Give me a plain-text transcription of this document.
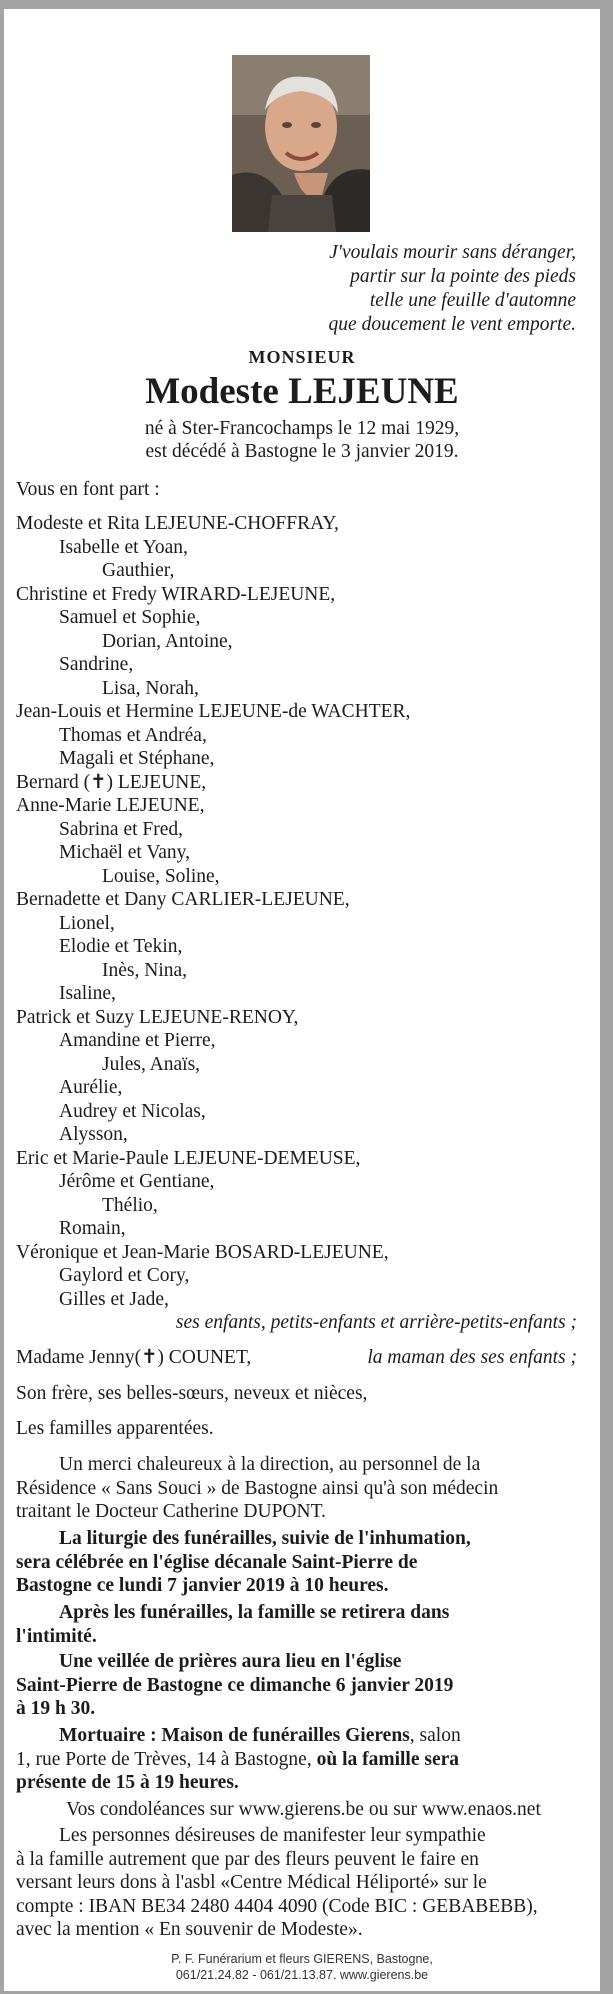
J'voulais mourir sans déranger,
partir sur la pointe des pieds
telle une feuille d'automne
que doucement le vent emporte.
MONSIEUR
Modeste LEJEUNE
né à Ster-Francochamps le 12 mai 1929,
est décédé à Bastogne le 3 janvier 2019.
Vous en font part :
Modeste et Rita LEJEUNE-CHOFFRAY,
Isabelle et Yoan,
Gauthier,
Christine et Fredy WIRARD-LEJEUNE,
Samuel et Sophie,
Dorian, Antoine,
Sandrine,
Lisa, Norah,
Jean-Louis et Hermine LEJEUNE-de WACHTER,
Thomas et Andréa,
Magali et Stéphane,
Bernard (✝) LEJEUNE,
Anne-Marie LEJEUNE,
Sabrina et Fred,
Michaël et Vany,
Louise, Soline,
Bernadette et Dany CARLIER-LEJEUNE,
Lionel,
Elodie et Tekin,
Inès, Nina,
Isaline,
Patrick et Suzy LEJEUNE-RENOY,
Amandine et Pierre,
Jules, Anaïs,
Aurélie,
Audrey et Nicolas,
Alysson,
Eric et Marie-Paule LEJEUNE-DEMEUSE,
Jérôme et Gentiane,
Thélio,
Romain,
Véronique et Jean-Marie BOSARD-LEJEUNE,
Gaylord et Cory,
Gilles et Jade,
ses enfants, petits-enfants et arrière-petits-enfants ;
Madame Jenny(✝) COUNET,	la maman des ses enfants ;
Son frère, ses belles-sœurs, neveux et nièces,
Les familles apparentées.
Un merci chaleureux à la direction, au personnel de la
Résidence « Sans Souci » de Bastogne ainsi qu'à son médecin
traitant le Docteur Catherine DUPONT.
La liturgie des funérailles, suivie de l'inhumation,
sera célébrée en l'église décanale Saint-Pierre de
Bastogne ce lundi 7 janvier 2019 à 10 heures.
Après les funérailles, la famille se retirera dans
l'intimité.
Une veillée de prières aura lieu en l'église
Saint-Pierre de Bastogne ce dimanche 6 janvier 2019
à 19 h 30.
Mortuaire : Maison de funérailles Gierens, salon
1, rue Porte de Trèves, 14 à Bastogne, où la famille sera
présente de 15 à 19 heures.
Vos condoléances sur www.gierens.be ou sur www.enaos.net
Les personnes désireuses de manifester leur sympathie
à la famille autrement que par des fleurs peuvent le faire en
versant leurs dons à l'asbl «Centre Médical Héliporté» sur le
compte : IBAN BE34 2480 4404 4090 (Code BIC : GEBABEBB),
avec la mention « En souvenir de Modeste».
P. F. Funérarium et fleurs GIERENS, Bastogne,
061/21.24.82 - 061/21.13.87. www.gierens.be
